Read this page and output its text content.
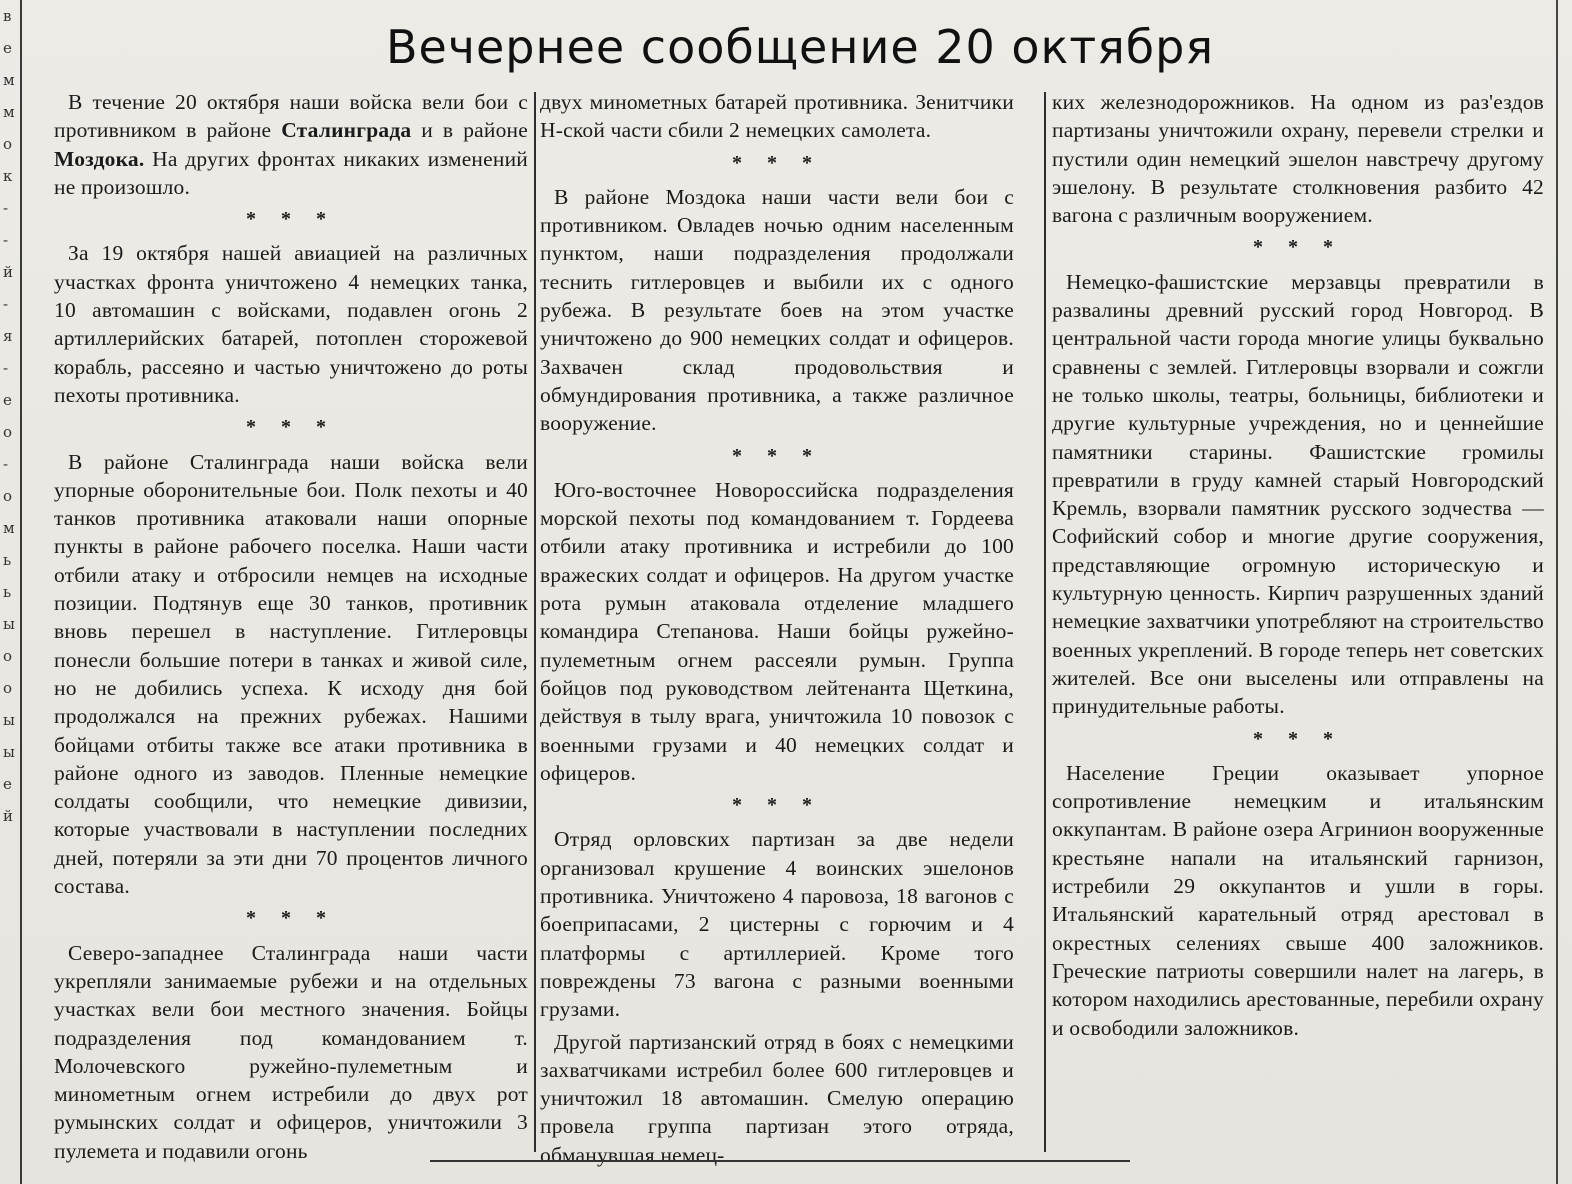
в
е
м
м
о
к
-
-
й
-
я
-
е
о
-
о
м
ь
ь
ы
о
о
ы
ы
е
й
Вечернее сообщение 20 октября

В течение 20 октября наши войска вели бои с противником в районе Сталинграда и в районе Моздока. На других фронтах никаких изменений не произошло.

* * *

За 19 октября нашей авиацией на различных участках фронта уничтожено 4 немецких танка, 10 автомашин с войсками, подавлен огонь 2 артиллерийских батарей, потоплен сторожевой корабль, рассеяно и частью уничтожено до роты пехоты противника.

* * *

В районе Сталинграда наши войска вели упорные оборонительные бои. Полк пехоты и 40 танков противника атаковали наши опорные пункты в районе рабочего поселка. Наши части отбили атаку и отбросили немцев на исходные позиции. Подтянув еще 30 танков, противник вновь перешел в наступление. Гитлеровцы понесли большие потери в танках и живой силе, но не добились успеха. К исходу дня бой продолжался на прежних рубежах. Нашими бойцами отбиты также все атаки противника в районе одного из заводов. Пленные немецкие солдаты сообщили, что немецкие дивизии, которые участвовали в наступлении последних дней, потеряли за эти дни 70 процентов личного состава.

* * *

Северо-западнее Сталинграда наши части укрепляли занимаемые рубежи и на отдельных участках вели бои местного значения. Бойцы подразделения под командованием т. Молочевского ружейно-пулеметным и минометным огнем истребили до двух рот румынских солдат и офицеров, уничтожили 3 пулемета и подавили огонь

двух минометных батарей противника. Зенитчики Н-ской части сбили 2 немецких самолета.

* * *

В районе Моздока наши части вели бои с противником. Овладев ночью одним населенным пунктом, наши подразделения продолжали теснить гитлеровцев и выбили их с одного рубежа. В результате боев на этом участке уничтожено до 900 немецких солдат и офицеров. Захвачен склад продовольствия и обмундирования противника, а также различное вооружение.

* * *

Юго-восточнее Новороссийска подразделения морской пехоты под командованием т. Гордеева отбили атаку противника и истребили до 100 вражеских солдат и офицеров. На другом участке рота румын атаковала отделение младшего командира Степанова. Наши бойцы ружейно-пулеметным огнем рассеяли румын. Группа бойцов под руководством лейтенанта Щеткина, действуя в тылу врага, уничтожила 10 повозок с военными грузами и 40 немецких солдат и офицеров.

* * *

Отряд орловских партизан за две недели организовал крушение 4 воинских эшелонов противника. Уничтожено 4 паровоза, 18 вагонов с боеприпасами, 2 цистерны с горючим и 4 платформы с артиллерией. Кроме того повреждены 73 вагона с разными военными грузами.

Другой партизанский отряд в боях с немецкими захватчиками истребил более 600 гитлеровцев и уничтожил 18 автомашин. Смелую операцию провела группа партизан этого отряда, обманувшая немец-

ких железнодорожников. На одном из раз'ездов партизаны уничтожили охрану, перевели стрелки и пустили один немецкий эшелон навстречу другому эшелону. В результате столкновения разбито 42 вагона с различным вооружением.

* * *

Немецко-фашистские мерзавцы превратили в развалины древний русский город Новгород. В центральной части города многие улицы буквально сравнены с землей. Гитлеровцы взорвали и сожгли не только школы, театры, больницы, библиотеки и другие культурные учреждения, но и ценнейшие памятники старины. Фашистские громилы превратили в груду камней старый Новгородский Кремль, взорвали памятник русского зодчества — Софийский собор и многие другие сооружения, представляющие огромную историческую и культурную ценность. Кирпич разрушенных зданий немецкие захватчики употребляют на строительство военных укреплений. В городе теперь нет советских жителей. Все они выселены или отправлены на принудительные работы.

* * *

Население Греции оказывает упорное сопротивление немецким и итальянским оккупантам. В районе озера Агринион вооруженные крестьяне напали на итальянский гарнизон, истребили 29 оккупантов и ушли в горы. Итальянский карательный отряд арестовал в окрестных селениях свыше 400 заложников. Греческие патриоты совершили налет на лагерь, в котором находились арестованные, перебили охрану и освободили заложников.
